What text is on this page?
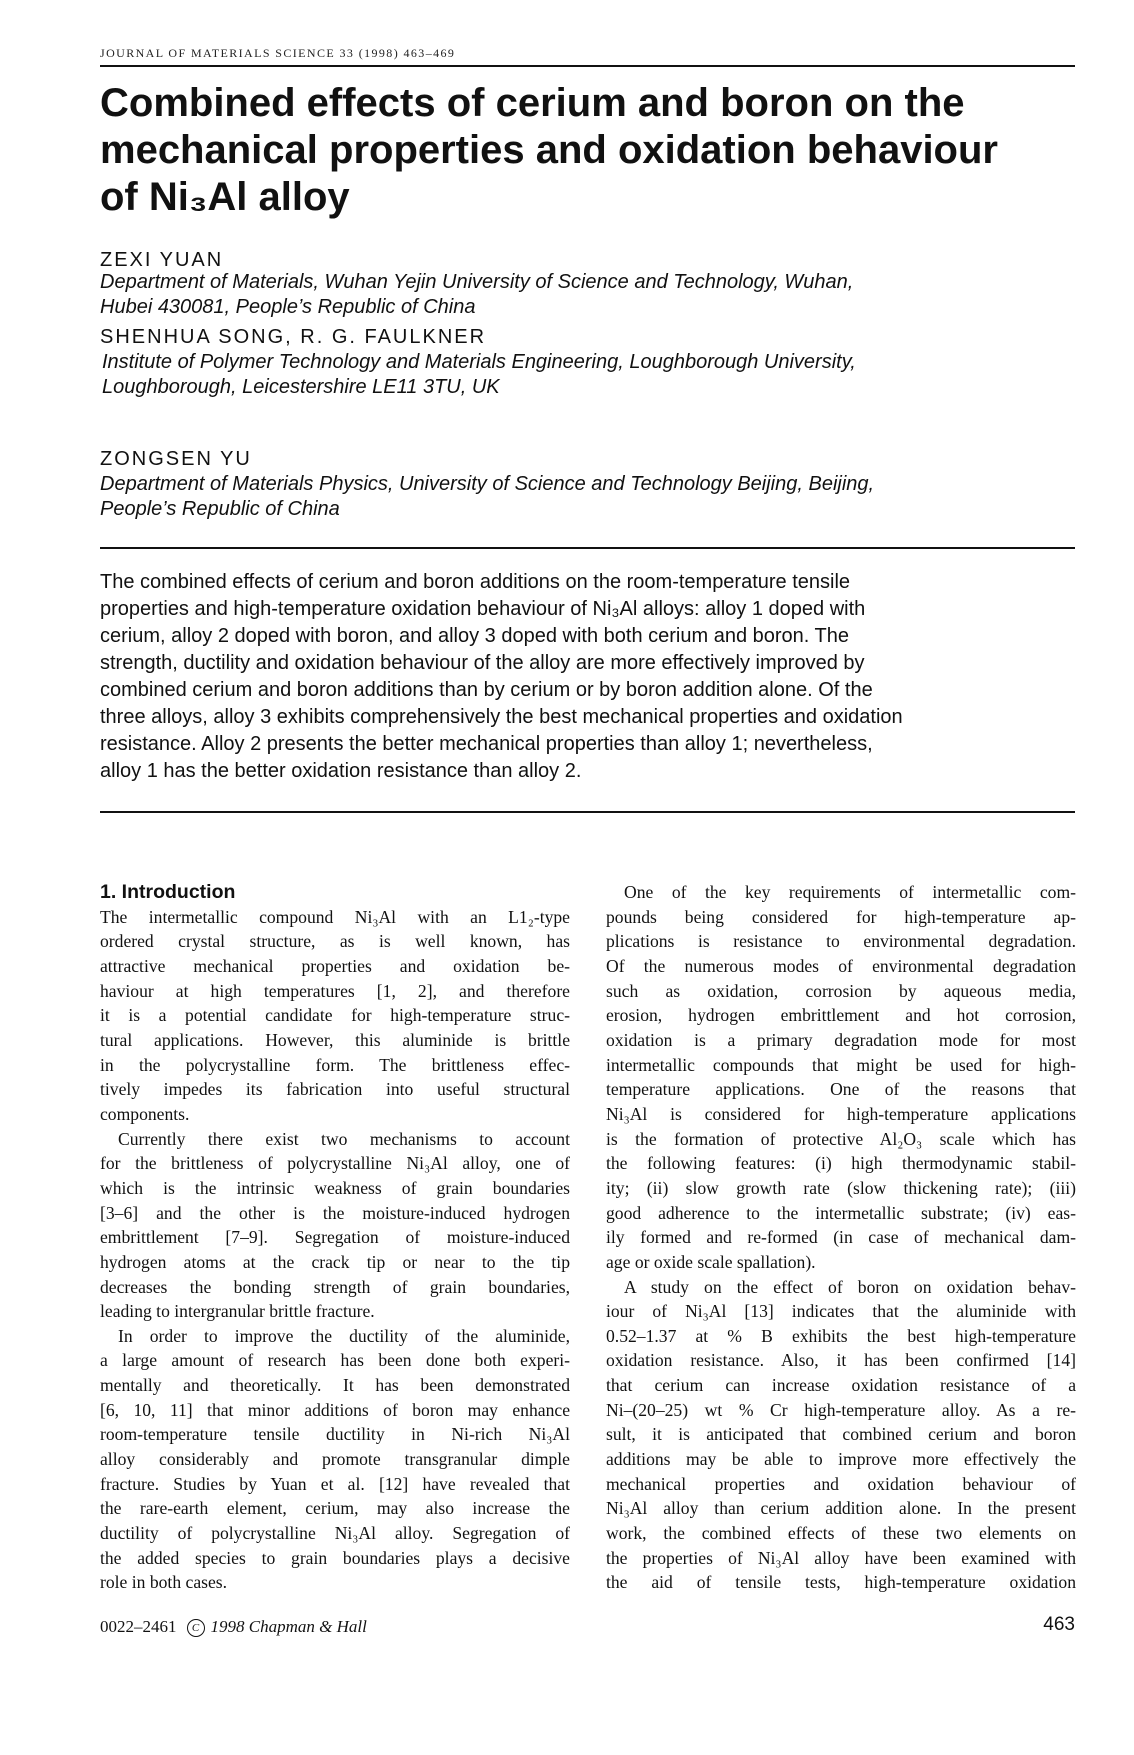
JOURNAL OF MATERIALS SCIENCE 33 (1998) 463–469
Combined effects of cerium and boron on the
mechanical properties and oxidation behaviour
of Ni₃Al alloy
ZEXI YUAN
Department of Materials, Wuhan Yejin University of Science and Technology, Wuhan,
Hubei 430081, People’s Republic of China
SHENHUA SONG, R. G. FAULKNER
Institute of Polymer Technology and Materials Engineering, Loughborough University,
Loughborough, Leicestershire LE11 3TU, UK
ZONGSEN YU
Department of Materials Physics, University of Science and Technology Beijing, Beijing,
People’s Republic of China
The combined effects of cerium and boron additions on the room-temperature tensile
properties and high-temperature oxidation behaviour of Ni₃Al alloys: alloy 1 doped with
cerium, alloy 2 doped with boron, and alloy 3 doped with both cerium and boron. The
strength, ductility and oxidation behaviour of the alloy are more effectively improved by
combined cerium and boron additions than by cerium or by boron addition alone. Of the
three alloys, alloy 3 exhibits comprehensively the best mechanical properties and oxidation
resistance. Alloy 2 presents the better mechanical properties than alloy 1; nevertheless,
alloy 1 has the better oxidation resistance than alloy 2.
1. Introduction
The intermetallic compound Ni₃Al with an L1₂-type
ordered crystal structure, as is well known, has
attractive mechanical properties and oxidation be-
haviour at high temperatures [1, 2], and therefore
it is a potential candidate for high-temperature struc-
tural applications. However, this aluminide is brittle
in the polycrystalline form. The brittleness effec-
tively impedes its fabrication into useful structural
components.
Currently there exist two mechanisms to account
for the brittleness of polycrystalline Ni₃Al alloy, one of
which is the intrinsic weakness of grain boundaries
[3–6] and the other is the moisture-induced hydrogen
embrittlement [7–9]. Segregation of moisture-induced
hydrogen atoms at the crack tip or near to the tip
decreases the bonding strength of grain boundaries,
leading to intergranular brittle fracture.
In order to improve the ductility of the aluminide,
a large amount of research has been done both experi-
mentally and theoretically. It has been demonstrated
[6, 10, 11] that minor additions of boron may enhance
room-temperature tensile ductility in Ni-rich Ni₃Al
alloy considerably and promote transgranular dimple
fracture. Studies by Yuan et al. [12] have revealed that
the rare-earth element, cerium, may also increase the
ductility of polycrystalline Ni₃Al alloy. Segregation of
the added species to grain boundaries plays a decisive
role in both cases.
One of the key requirements of intermetallic com-
pounds being considered for high-temperature ap-
plications is resistance to environmental degradation.
Of the numerous modes of environmental degradation
such as oxidation, corrosion by aqueous media,
erosion, hydrogen embrittlement and hot corrosion,
oxidation is a primary degradation mode for most
intermetallic compounds that might be used for high-
temperature applications. One of the reasons that
Ni₃Al is considered for high-temperature applications
is the formation of protective Al₂O₃ scale which has
the following features: (i) high thermodynamic stabil-
ity; (ii) slow growth rate (slow thickening rate); (iii)
good adherence to the intermetallic substrate; (iv) eas-
ily formed and re-formed (in case of mechanical dam-
age or oxide scale spallation).
A study on the effect of boron on oxidation behav-
iour of Ni₃Al [13] indicates that the aluminide with
0.52–1.37 at % B exhibits the best high-temperature
oxidation resistance. Also, it has been confirmed [14]
that cerium can increase oxidation resistance of a
Ni–(20–25) wt % Cr high-temperature alloy. As a re-
sult, it is anticipated that combined cerium and boron
additions may be able to improve more effectively the
mechanical properties and oxidation behaviour of
Ni₃Al alloy than cerium addition alone. In the present
work, the combined effects of these two elements on
the properties of Ni₃Al alloy have been examined with
the aid of tensile tests, high-temperature oxidation
0022–2461 C 1998 Chapman & Hall	463
